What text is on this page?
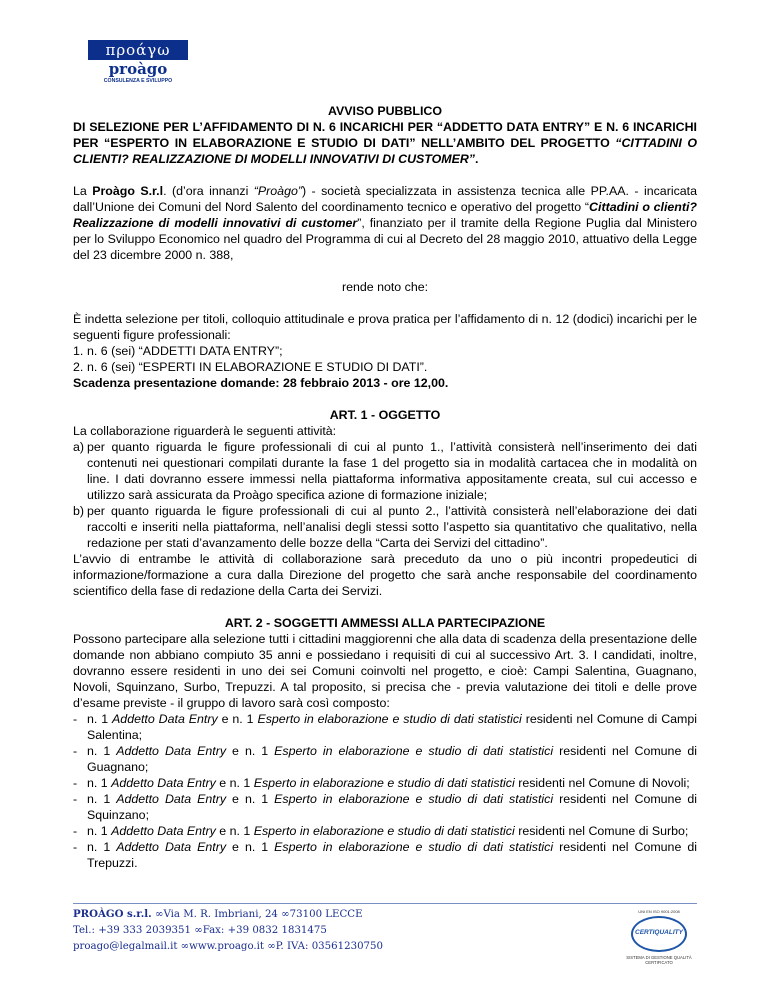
πρoάγω
proàgo
CONSULENZA E SVILUPPO

AVVISO PUBBLICO

DI SELEZIONE PER L’AFFIDAMENTO DI N. 6 INCARICHI PER “ADDETTO DATA ENTRY” E N. 6 INCARICHI PER “ESPERTO IN ELABORAZIONE E STUDIO DI DATI” NELL’AMBITO DEL PROGETTO “CITTADINI O CLIENTI? REALIZZAZIONE DI MODELLI INNOVATIVI DI CUSTOMER”.

La Proàgo S.r.l. (d’ora innanzi “Proàgo”) - società specializzata in assistenza tecnica alle PP.AA. - incaricata dall’Unione dei Comuni del Nord Salento del coordinamento tecnico e operativo del progetto “Cittadini o clienti? Realizzazione di modelli innovativi di customer”, finanziato per il tramite della Regione Puglia dal Ministero per lo Sviluppo Economico nel quadro del Programma di cui al Decreto del 28 maggio 2010, attuativo della Legge del 23 dicembre 2000 n. 388,

rende noto che:

È indetta selezione per titoli, colloquio attitudinale e prova pratica per l’affidamento di n. 12 (dodici) incarichi per le seguenti figure professionali:

1. n. 6 (sei) “ADDETTI DATA ENTRY”;

2. n. 6 (sei) “ESPERTI IN ELABORAZIONE E STUDIO DI DATI”.

Scadenza presentazione domande: 28 febbraio 2013 - ore 12,00.

ART. 1 - OGGETTO

La collaborazione riguarderà le seguenti attività:

a) per quanto riguarda le figure professionali di cui al punto 1., l’attività consisterà nell’inserimento dei dati contenuti nei questionari compilati durante la fase 1 del progetto sia in modalità cartacea che in modalità on line. I dati dovranno essere immessi nella piattaforma informativa appositamente creata, sul cui accesso e utilizzo sarà assicurata da Proàgo specifica azione di formazione iniziale;

b) per quanto riguarda le figure professionali di cui al punto 2., l’attività consisterà nell’elaborazione dei dati raccolti e inseriti nella piattaforma, nell’analisi degli stessi sotto l’aspetto sia quantitativo che qualitativo, nella redazione per stati d’avanzamento delle bozze della “Carta dei Servizi del cittadino”.

L’avvio di entrambe le attività di collaborazione sarà preceduto da uno o più incontri propedeutici di informazione/formazione a cura dalla Direzione del progetto che sarà anche responsabile del coordinamento scientifico della fase di redazione della Carta dei Servizi.

ART. 2 - SOGGETTI AMMESSI ALLA PARTECIPAZIONE

Possono partecipare alla selezione tutti i cittadini maggiorenni che alla data di scadenza della presentazione delle domande non abbiano compiuto 35 anni e possiedano i requisiti di cui al successivo Art. 3. I candidati, inoltre, dovranno essere residenti in uno dei sei Comuni coinvolti nel progetto, e cioè: Campi Salentina, Guagnano, Novoli, Squinzano, Surbo, Trepuzzi. A tal proposito, si precisa che - previa valutazione dei titoli e delle prove d’esame previste - il gruppo di lavoro sarà così composto:

- n. 1 Addetto Data Entry e n. 1 Esperto in elaborazione e studio di dati statistici residenti nel Comune di Campi Salentina;

- n. 1 Addetto Data Entry e n. 1 Esperto in elaborazione e studio di dati statistici residenti nel Comune di Guagnano;

- n. 1 Addetto Data Entry e n. 1 Esperto in elaborazione e studio di dati statistici residenti nel Comune di Novoli;

- n. 1 Addetto Data Entry e n. 1 Esperto in elaborazione e studio di dati statistici residenti nel Comune di Squinzano;

- n. 1 Addetto Data Entry e n. 1 Esperto in elaborazione e studio di dati statistici residenti nel Comune di Surbo;

- n. 1 Addetto Data Entry e n. 1 Esperto in elaborazione e studio di dati statistici residenti nel Comune di Trepuzzi.

PROÀGO s.r.l. ∞Via M. R. Imbriani, 24 ∞73100 LECCE
Tel.: +39 333 2039351 ∞Fax: +39 0832 1831475
proago@legalmail.it ∞www.proago.it ∞P. IVA: 03561230750
UNI EN ISO 9001:2008
CERTIQUALITY
SISTEMA DI GESTIONE QUALITÀ CERTIFICATO
